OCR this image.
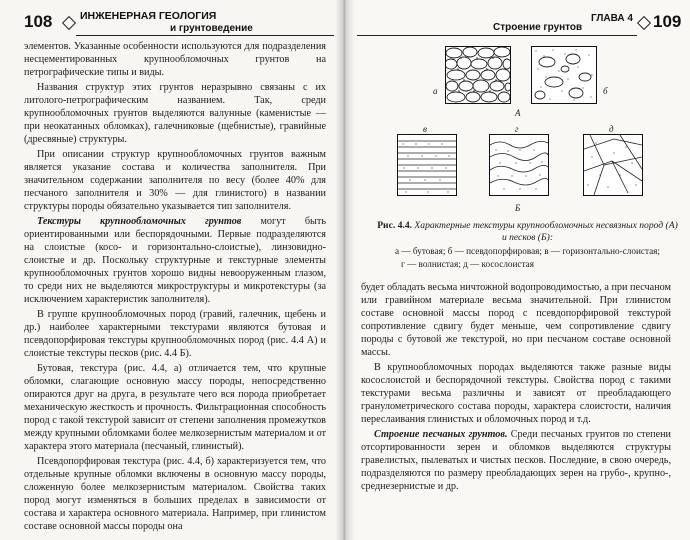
108	ИНЖЕНЕРНАЯ ГЕОЛОГИЯ
и грунтоведение

элементов. Указанные особенности используются для подразделения несцементированных крупнообломочных грунтов на петрографические типы и виды.

Названия структур этих грунтов неразрывно связаны с их литолого-петрографическим названием. Так, среди крупнообломочных грунтов выделяются валунные (каменистые — при неокатанных обломках), галечниковые (щебнистые), гравийные (дресвяные) структуры.

При описании структур крупнообломочных грунтов важным является указание состава и количества заполнителя. При значительном содержании заполнителя по весу (более 40% для песчаного заполнителя и 30% — для глинистого) в названии структуры породы обязательно указывается тип заполнителя.

Текстуры крупнообломочных грунтов могут быть ориентированными или беспорядочными. Первые подразделяются на слоистые (косо- и горизонтально-слоистые), линзовидно-слоистые и др. Поскольку структурные и текстурные элементы крупнообломочных грунтов хорошо видны невооруженным глазом, то среди них не выделяются микроструктуры и микротекстуры (за исключением характеристик заполнителя).

В группе крупнообломочных пород (гравий, галечник, щебень и др.) наиболее характерными текстурами являются бутовая и псевдопорфировая текстуры крупнообломочных пород (рис. 4.4 А) и слоистые текстуры песков (рис. 4.4 Б).

Бутовая, текстура (рис. 4.4, а) отличается тем, что крупные обломки, слагающие основную массу породы, непосредственно опираются друг на друга, в результате чего вся порода приобретает механическую жесткость и прочность. Фильтрационная способность пород с такой текстурой зависит от степени заполнения промежутков между крупными обломками более мелкозернистым материалом и от характера этого материала (песчаный, глинистый).

Псевдопорфировая текстура (рис. 4.4, б) характеризуется тем, что отдельные крупные обломки включены в основную массу породы, сложенную более мелкозернистым материалом. Свойства таких пород могут изменяться в больших пределах в зависимости от состава и характера основного материала. Например, при глинистом составе основной массы породы она

Строение грунтов
ГЛАВА 4 109
а	б
А
в	г	д
Б
Рис. 4.4. Характерные текстуры крупнообломочных несвязных пород (А) и песков (Б):
а — бутовая; б — псевдопорфировая; в — горизонтально-слоистая;
г — волнистая; д — косослоистая

будет обладать весьма ничтожной водопроводимостью, а при песчаном или гравийном материале весьма значительной. При глинистом составе основной массы пород с псевдопорфировой текстурой сопротивление сдвигу будет меньше, чем сопротивление сдвигу породы с бутовой же текстурой, но при песчаном составе основной массы.

В крупнообломочных породах выделяются также разные виды косослоистой и беспорядочной текстуры. Свойства пород с такими текстурами весьма различны и зависят от преобладающего гранулометрического состава породы, характера слоистости, наличия переслаивания глинистых и обломочных пород и т.д.

Строение песчаных грунтов. Среди песчаных грунтов по степени отсортированности зерен и обломков выделяются структуры гравелистых, пылеватых и чистых песков. Последние, в свою очередь, подразделяются по размеру преобладающих зерен на грубо-, крупно-, среднезернистые и др.
